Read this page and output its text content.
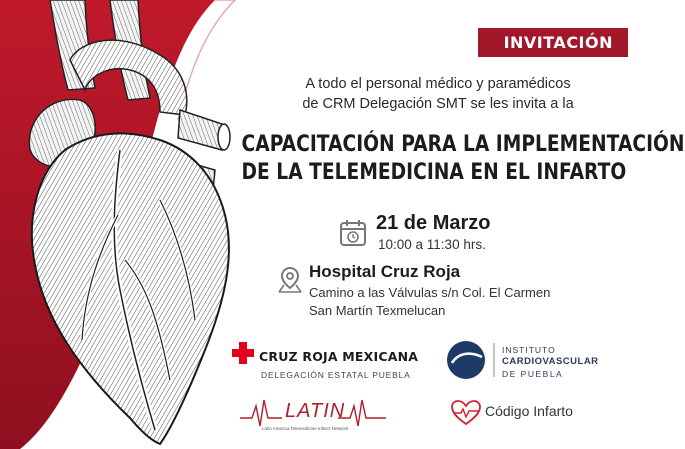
INVITACIÓN
A todo el personal médico y paramédicos
de CRM Delegación SMT se les invita a la
CAPACITACIÓN PARA LA IMPLEMENTACIÓN
DE LA TELEMEDICINA EN EL INFARTO
21 de Marzo
10:00 a 11:30 hrs.
Hospital Cruz Roja
Camino a las Válvulas s/n Col. El Carmen
San Martín Texmelucan
CRUZ ROJA MEXICANA
DELEGACIÓN ESTATAL PUEBLA
INSTITUTO
CARDIOVASCULAR
DE PUEBLA
LATIN
Latin America Telemedicine Infarct Network
Código Infarto
